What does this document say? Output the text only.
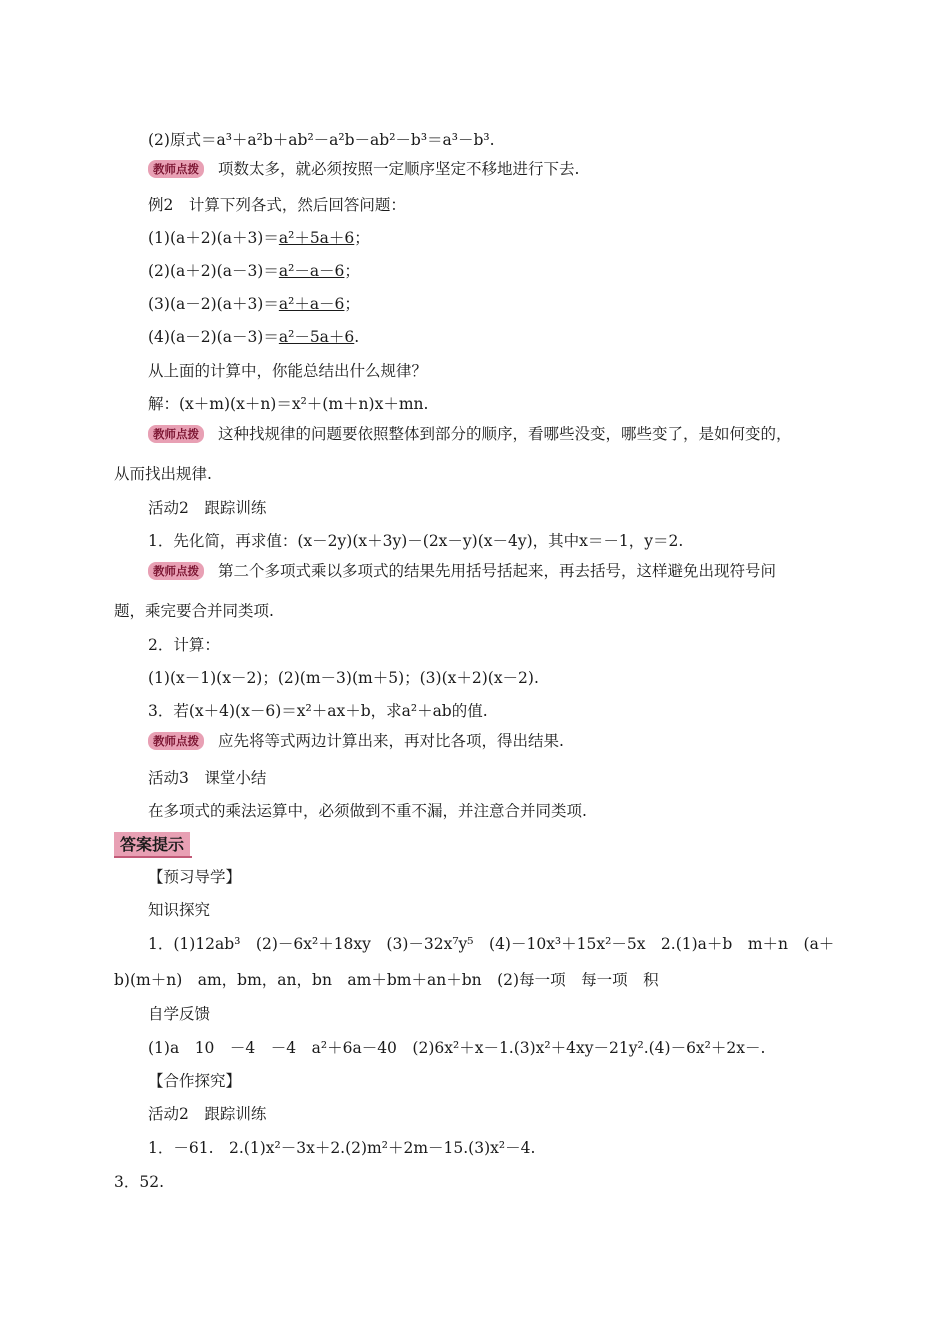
(2)原式＝a³＋a²b＋ab²－a²b－ab²－b³＝a³－b³.
教师点拨 项数太多，就必须按照一定顺序坚定不移地进行下去.
例2　计算下列各式，然后回答问题：
(1)(a＋2)(a＋3)＝a²＋5a＋6；
(2)(a＋2)(a－3)＝a²－a－6；
(3)(a－2)(a＋3)＝a²＋a－6；
(4)(a－2)(a－3)＝a²－5a＋6.
从上面的计算中，你能总结出什么规律？
解：(x＋m)(x＋n)＝x²＋(m＋n)x＋mn.
教师点拨 这种找规律的问题要依照整体到部分的顺序，看哪些没变，哪些变了，是如何变的，
从而找出规律.
活动2　跟踪训练
1．先化简，再求值：(x－2y)(x＋3y)－(2x－y)(x－4y)，其中x＝－1，y＝2.
教师点拨 第二个多项式乘以多项式的结果先用括号括起来，再去括号，这样避免出现符号问
题，乘完要合并同类项.
2．计算：
(1)(x－1)(x－2)；(2)(m－3)(m＋5)；(3)(x＋2)(x－2).
3．若(x＋4)(x－6)＝x²＋ax＋b，求a²＋ab的值.
教师点拨 应先将等式两边计算出来，再对比各项，得出结果.
活动3　课堂小结
在多项式的乘法运算中，必须做到不重不漏，并注意合并同类项.
答案提示
【预习导学】
知识探究
1．(1)12ab³　(2)－6x²＋18xy　(3)－32x⁷y⁵　(4)－10x³＋15x²－5x　2.(1)a＋b　m＋n　(a＋
b)(m＋n)　am，bm，an，bn　am＋bm＋an＋bn　(2)每一项　每一项　积
自学反馈
(1)a　10　－4　－4　a²＋6a－40　(2)6x²＋x－1.(3)x²＋4xy－21y².(4)－6x²＋2x－.
【合作探究】
活动2　跟踪训练
1．－61.　2.(1)x²－3x＋2.(2)m²＋2m－15.(3)x²－4.
3．52.
